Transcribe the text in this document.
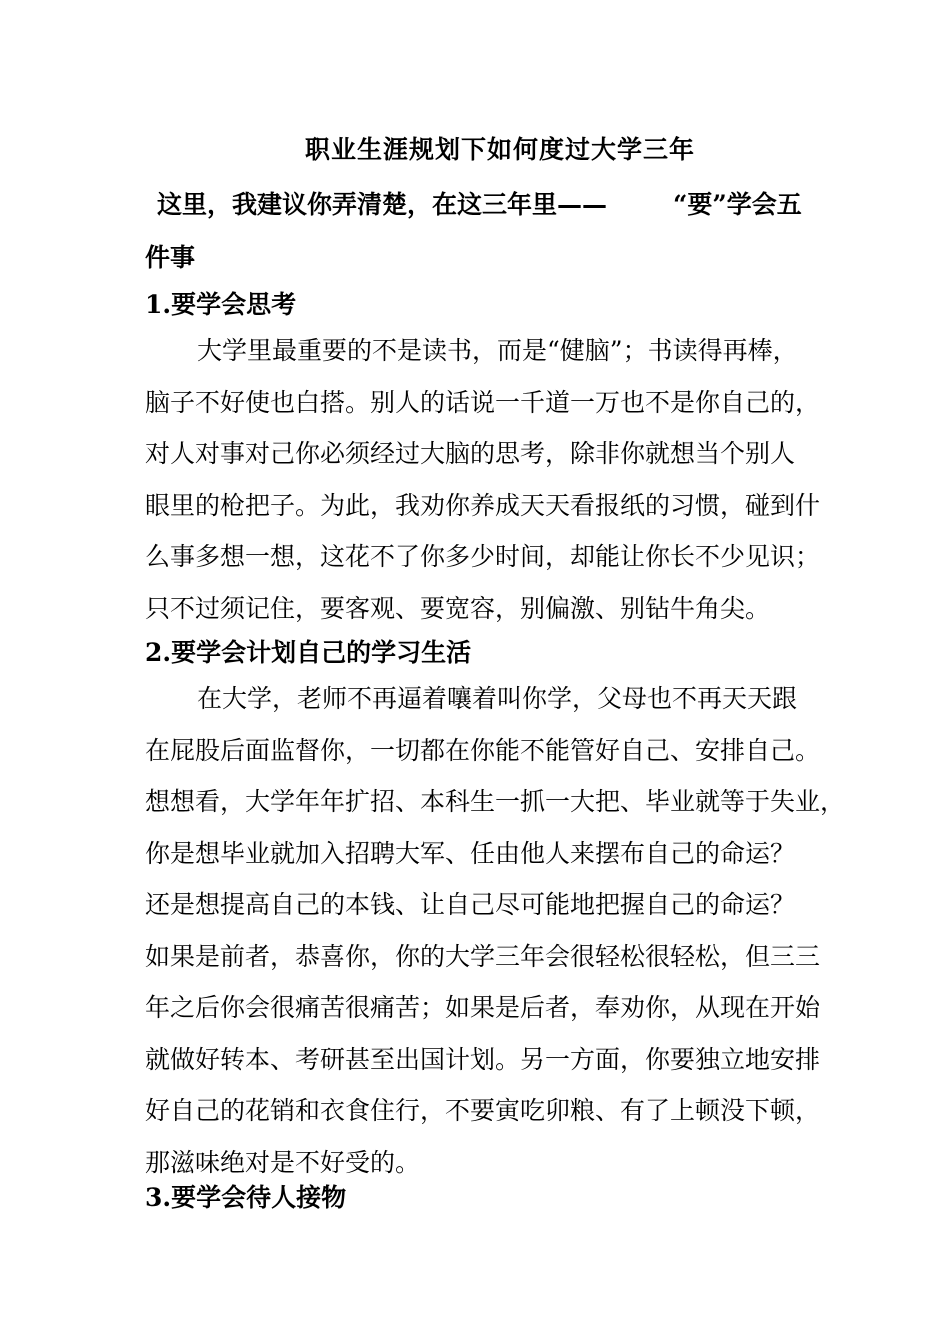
职业生涯规划下如何度过大学三年
这里，我建议你弄清楚，在这三年里——	“要”学会五
件事
1.要学会思考
大学里最重要的不是读书，而是“健脑”；书读得再棒，
脑子不好使也白搭。别人的话说一千道一万也不是你自己的，
对人对事对己你必须经过大脑的思考，除非你就想当个别人
眼里的枪把子。为此，我劝你养成天天看报纸的习惯，碰到什
么事多想一想，这花不了你多少时间，却能让你长不少见识；
只不过须记住，要客观、要宽容，别偏激、别钻牛角尖。
2.要学会计划自己的学习生活
在大学，老师不再逼着嚷着叫你学，父母也不再天天跟
在屁股后面监督你，一切都在你能不能管好自己、安排自己。
想想看，大学年年扩招、本科生一抓一大把、毕业就等于失业，
你是想毕业就加入招聘大军、任由他人来摆布自己的命运？
还是想提高自己的本钱、让自己尽可能地把握自己的命运？
如果是前者，恭喜你，你的大学三年会很轻松很轻松，但三三
年之后你会很痛苦很痛苦；如果是后者，奉劝你，从现在开始
就做好转本、考研甚至出国计划。另一方面，你要独立地安排
好自己的花销和衣食住行，不要寅吃卯粮、有了上顿没下顿，
那滋味绝对是不好受的。
3.要学会待人接物
